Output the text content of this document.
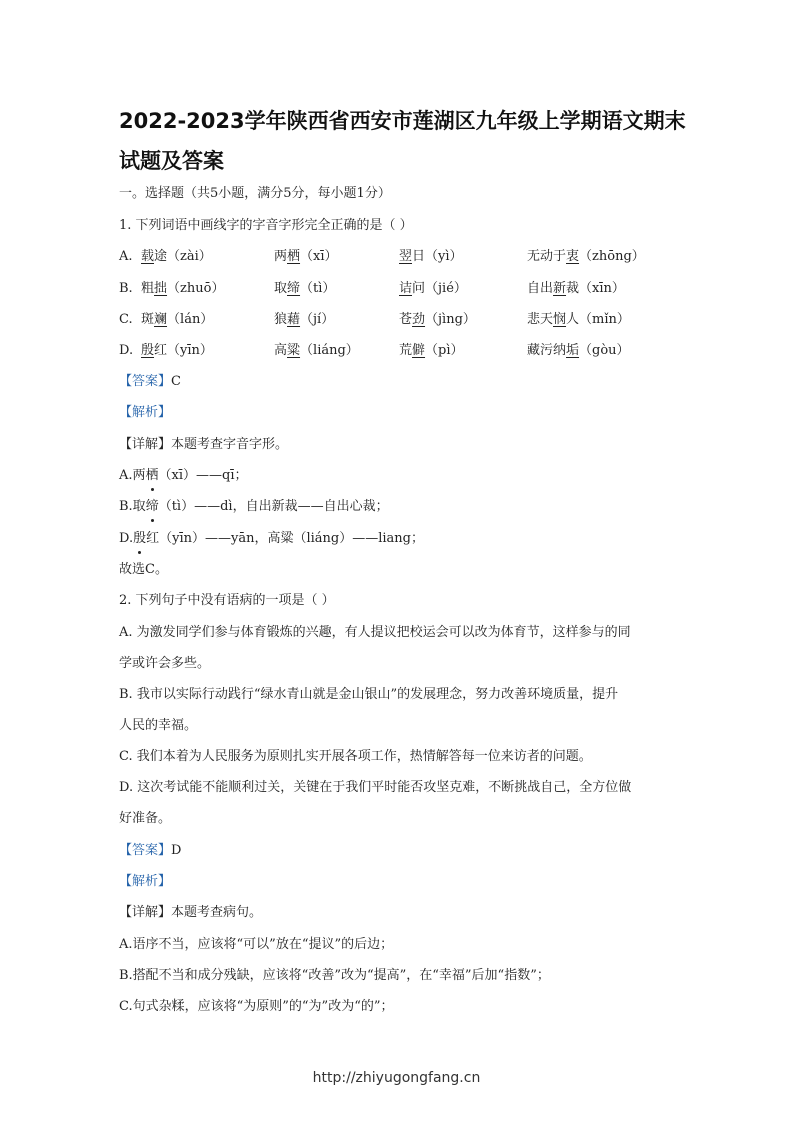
2022-2023学年陕西省西安市莲湖区九年级上学期语文期末试题及答案
一。选择题（共5小题，满分5分，每小题1分）
1. 下列词语中画线字的字音字形完全正确的是（ ）
A. 载途（zài）	两栖（xī）	翌日（yì）	无动于衷（zhōng）
B. 粗拙（zhuō）	取缔（tì）	诘问（jié）	自出新裁（xīn）
C. 斑斓（lán）	狼藉（jí）	苍劲（jìng）	悲天悯人（mǐn）
D. 殷红（yīn）	高粱（liáng）	荒僻（pì）	藏污纳垢（gòu）
【答案】C
【解析】
【详解】本题考查字音字形。
A.两栖（xī）——qī；
B.取缔（tì）——dì，自出新裁——自出心裁；
D.殷红（yīn）——yān，高粱（liáng）——liang；
故选C。
2. 下列句子中没有语病的一项是（ ）
A. 为激发同学们参与体育锻炼的兴趣，有人提议把校运会可以改为体育节，这样参与的同
学或许会多些。
B. 我市以实际行动践行“绿水青山就是金山银山”的发展理念，努力改善环境质量，提升
人民的幸福。
C. 我们本着为人民服务为原则扎实开展各项工作，热情解答每一位来访者的问题。
D. 这次考试能不能顺利过关，关键在于我们平时能否攻坚克难，不断挑战自己，全方位做
好准备。
【答案】D
【解析】
【详解】本题考查病句。
A.语序不当，应该将“可以”放在“提议”的后边；
B.搭配不当和成分残缺，应该将“改善”改为“提高”，在“幸福”后加“指数”；
C.句式杂糅，应该将“为原则”的“为”改为“的”；
http://zhiyugongfang.cn
